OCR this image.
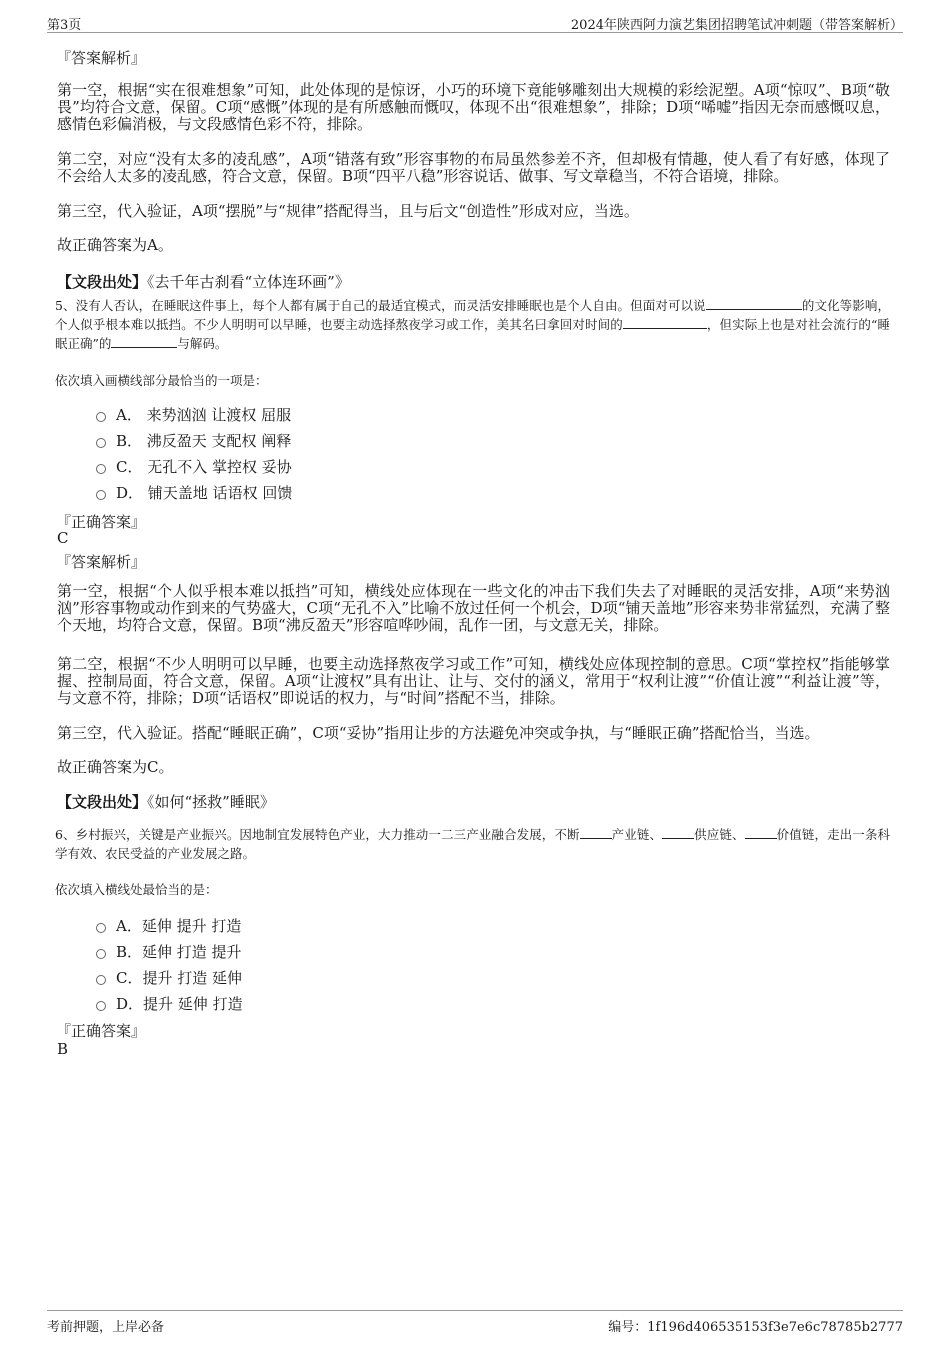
第3页	2024年陕西阿力演艺集团招聘笔试冲刺题（带答案解析）
『答案解析』
第一空，根据“实在很难想象”可知，此处体现的是惊讶，小巧的环境下竟能够雕刻出大规模的彩绘泥塑。A项“惊叹”、B项“敬畏”均符合文意，保留。C项“感慨”体现的是有所感触而慨叹，体现不出“很难想象”，排除；D项“唏嘘”指因无奈而感慨叹息，感情色彩偏消极，与文段感情色彩不符，排除。
第二空，对应“没有太多的凌乱感”，A项“错落有致”形容事物的布局虽然参差不齐，但却极有情趣，使人看了有好感，体现了不会给人太多的凌乱感，符合文意，保留。B项“四平八稳”形容说话、做事、写文章稳当，不符合语境，排除。
第三空，代入验证，A项“摆脱”与“规律”搭配得当，且与后文“创造性”形成对应，当选。
故正确答案为A。
【文段出处】《去千年古刹看“立体连环画”》
5、没有人否认，在睡眠这件事上，每个人都有属于自己的最适宜模式，而灵活安排睡眠也是个人自由。但面对可以说	的文化等影响，个人似乎根本难以抵挡。不少人明明可以早睡，也要主动选择熬夜学习或工作，美其名曰拿回对时间的	，但实际上也是对社会流行的“睡眠正确”的	与解码。
依次填入画横线部分最恰当的一项是：
A． 来势汹汹 让渡权 屈服
B． 沸反盈天 支配权 阐释
C． 无孔不入 掌控权 妥协
D． 铺天盖地 话语权 回馈
『正确答案』
C
『答案解析』
第一空，根据“个人似乎根本难以抵挡”可知，横线处应体现在一些文化的冲击下我们失去了对睡眠的灵活安排，A项“来势汹汹”形容事物或动作到来的气势盛大，C项“无孔不入”比喻不放过任何一个机会，D项“铺天盖地”形容来势非常猛烈，充满了整个天地，均符合文意，保留。B项“沸反盈天”形容喧哗吵闹，乱作一团，与文意无关，排除。
第二空，根据“不少人明明可以早睡，也要主动选择熬夜学习或工作”可知，横线处应体现控制的意思。C项“掌控权”指能够掌握、控制局面，符合文意，保留。A项“让渡权”具有出让、让与、交付的涵义，常用于“权利让渡”“价值让渡”“利益让渡”等，与文意不符，排除；D项“话语权”即说话的权力，与“时间”搭配不当，排除。
第三空，代入验证。搭配“睡眠正确”，C项“妥协”指用让步的方法避免冲突或争执，与“睡眠正确”搭配恰当，当选。
故正确答案为C。
【文段出处】《如何“拯救”睡眠》
6、乡村振兴，关键是产业振兴。因地制宜发展特色产业，大力推动一二三产业融合发展，不断	产业链、	供应链、	价值链，走出一条科学有效、农民受益的产业发展之路。
依次填入横线处最恰当的是：
A．延伸 提升 打造
B．延伸 打造 提升
C．提升 打造 延伸
D．提升 延伸 打造
『正确答案』
B
考前押题，上岸必备	编号：1f196d406535153f3e7e6c78785b2777
